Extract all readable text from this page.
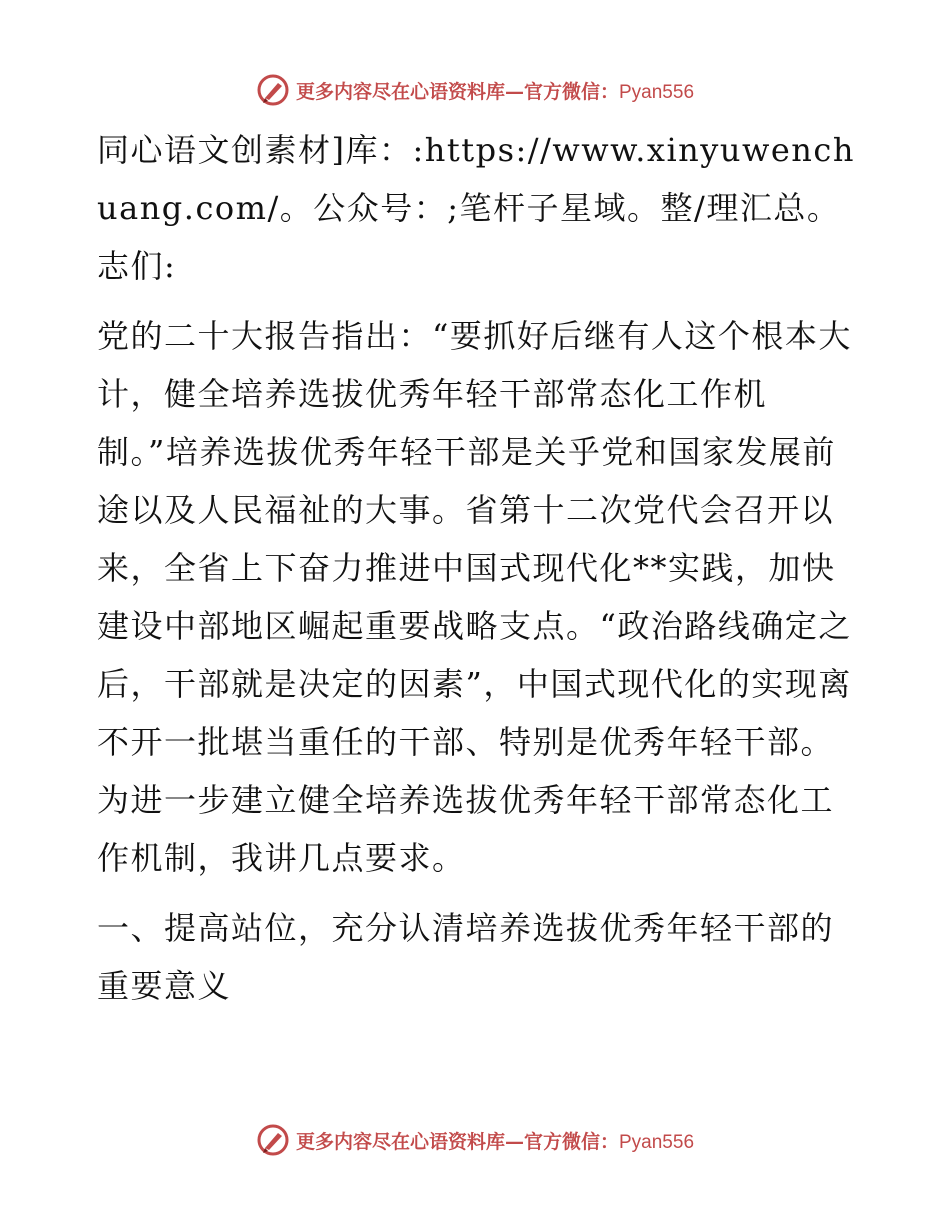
更多内容尽在心语资料库—官方微信：Pyan556

同心语文创素材]库：:https://www.xinyuwenchuang.com/。公众号：;笔杆子星域。整/理汇总。志们:

党的二十大报告指出：“要抓好后继有人这个根本大计，健全培养选拔优秀年轻干部常态化工作机制。”培养选拔优秀年轻干部是关乎党和国家发展前途以及人民福祉的大事。省第十二次党代会召开以来，全省上下奋力推进中国式现代化**实践，加快建设中部地区崛起重要战略支点。“政治路线确定之后，干部就是决定的因素”，中国式现代化的实现离不开一批堪当重任的干部、特别是优秀年轻干部。为进一步建立健全培养选拔优秀年轻干部常态化工作机制，我讲几点要求。

一、提高站位，充分认清培养选拔优秀年轻干部的重要意义

更多内容尽在心语资料库—官方微信：Pyan556
